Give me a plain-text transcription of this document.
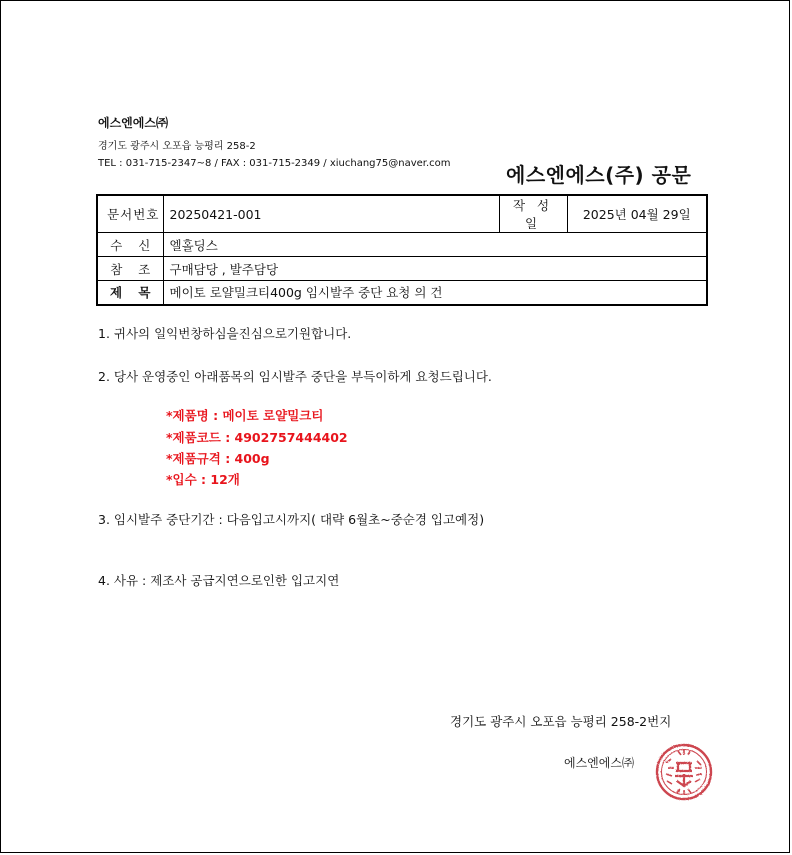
에스엔에스㈜
경기도 광주시 오포읍 능평리 258-2
TEL : 031-715-2347~8 / FAX : 031-715-2349 / xiuchang75@naver.com	에스엔에스(주) 공문
문서번호	20250421-001	작 성 일	2025년 04월 29일
수 신	엘홀딩스		
참 조	구매담당 , 발주담당		
제 목	메이토 로얄밀크티400g 임시발주 중단 요청 의 건		
1. 귀사의 일익번창하심을진심으로기원합니다.
2. 당사 운영중인 아래품목의 임시발주 중단을 부득이하게 요청드립니다.
*제품명 : 메이토 로얄밀크티
*제품코드 : 4902757444402
*제품규격 : 400g
*입수 : 12개
3. 임시발주 중단기간 : 다음입고시까지( 대략 6월초~중순경 입고예정)
4. 사유 : 제조사 공급지연으로인한 입고지연
경기도 광주시 오포읍 능평리 258-2번지
에스엔에스㈜
